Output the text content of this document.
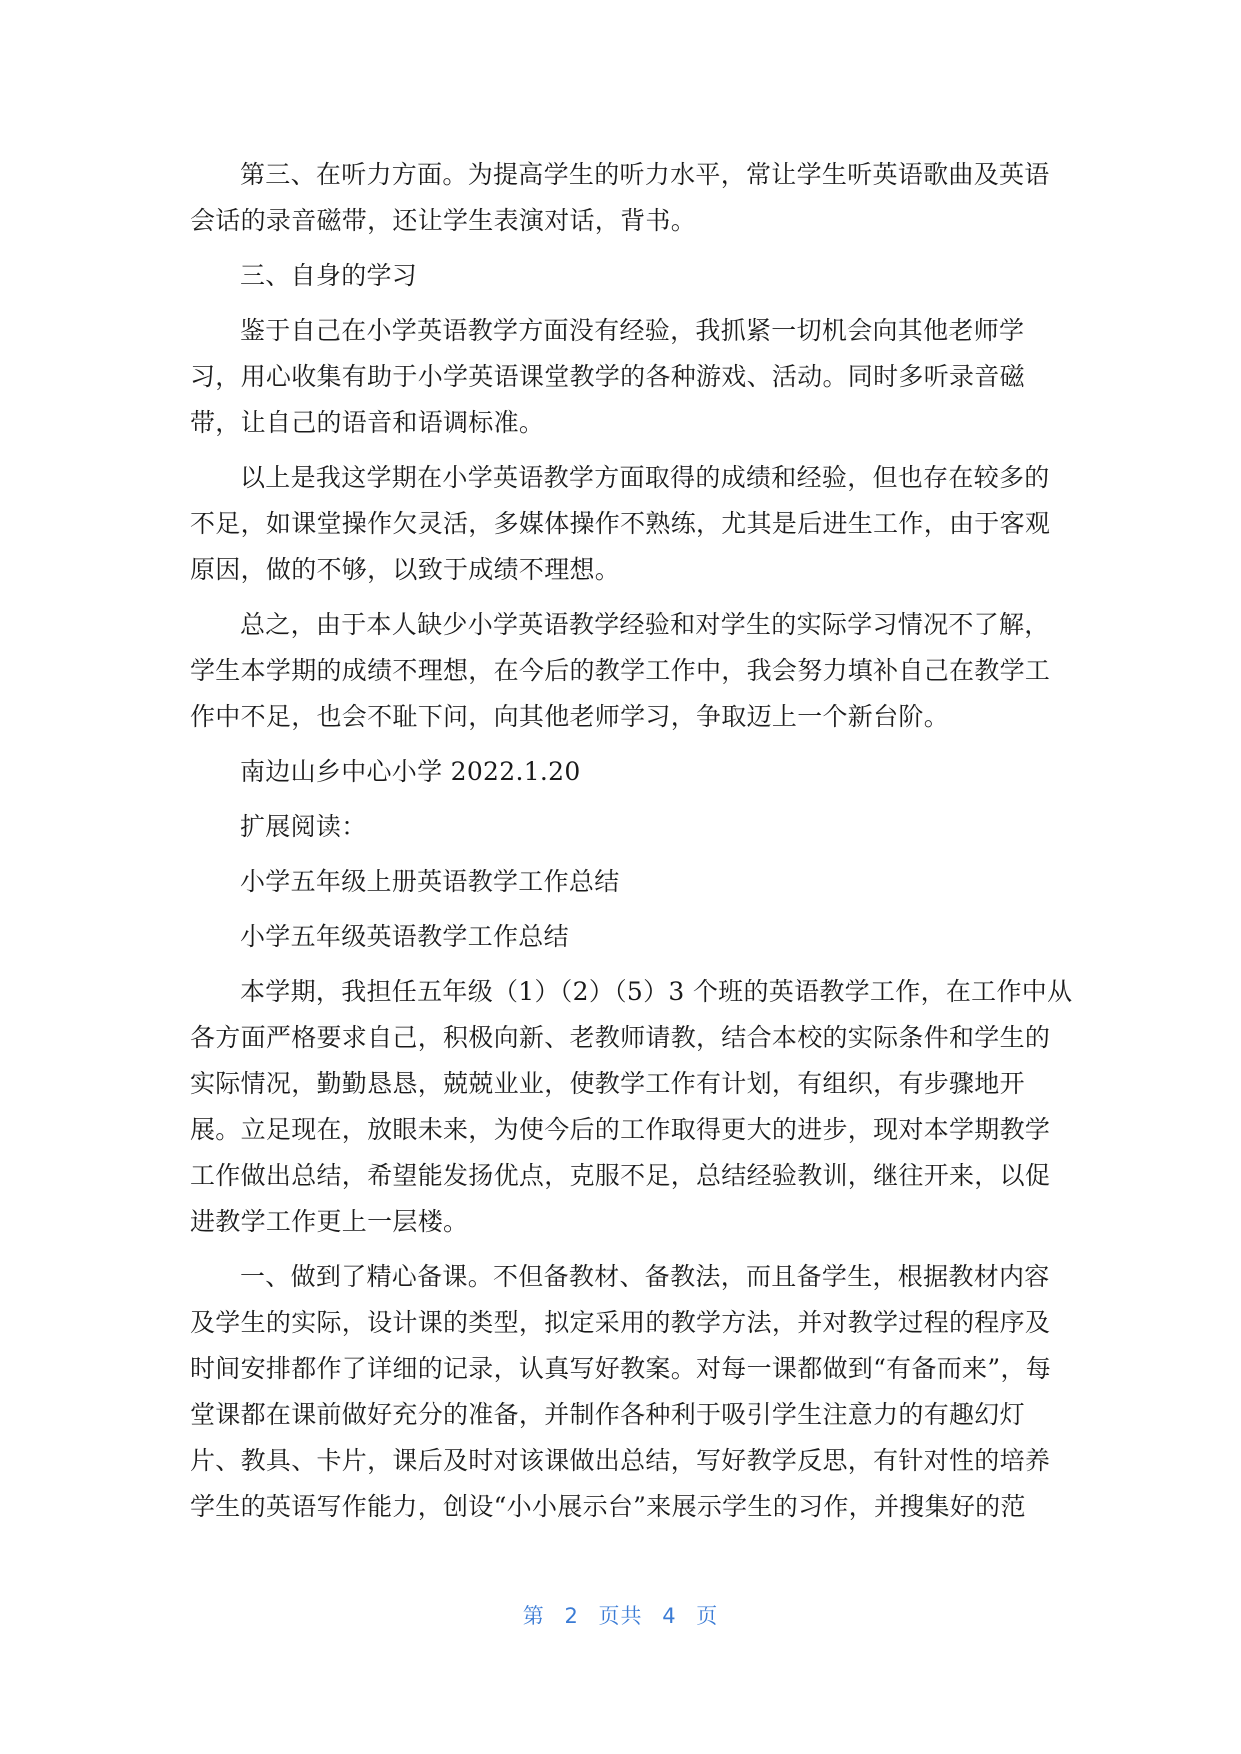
第三、在听力方面。为提高学生的听力水平，常让学生听英语歌曲及英语
会话的录音磁带，还让学生表演对话，背书。
三、自身的学习
鉴于自己在小学英语教学方面没有经验，我抓紧一切机会向其他老师学
习，用心收集有助于小学英语课堂教学的各种游戏、活动。同时多听录音磁
带，让自己的语音和语调标准。
以上是我这学期在小学英语教学方面取得的成绩和经验，但也存在较多的
不足，如课堂操作欠灵活，多媒体操作不熟练，尤其是后进生工作，由于客观
原因，做的不够，以致于成绩不理想。
总之，由于本人缺少小学英语教学经验和对学生的实际学习情况不了解，
学生本学期的成绩不理想，在今后的教学工作中，我会努力填补自己在教学工
作中不足，也会不耻下问，向其他老师学习，争取迈上一个新台阶。
南边山乡中心小学 2022.1.20
扩展阅读：
小学五年级上册英语教学工作总结
小学五年级英语教学工作总结
本学期，我担任五年级（1）（2）（5）3 个班的英语教学工作，在工作中从
各方面严格要求自己，积极向新、老教师请教，结合本校的实际条件和学生的
实际情况，勤勤恳恳，兢兢业业，使教学工作有计划，有组织，有步骤地开
展。立足现在，放眼未来，为使今后的工作取得更大的进步，现对本学期教学
工作做出总结，希望能发扬优点，克服不足，总结经验教训，继往开来，以促
进教学工作更上一层楼。
一、做到了精心备课。不但备教材、备教法，而且备学生，根据教材内容
及学生的实际，设计课的类型，拟定采用的教学方法，并对教学过程的程序及
时间安排都作了详细的记录，认真写好教案。对每一课都做到“有备而来”，每
堂课都在课前做好充分的准备，并制作各种利于吸引学生注意力的有趣幻灯
片、教具、卡片，课后及时对该课做出总结，写好教学反思，有针对性的培养
学生的英语写作能力，创设“小小展示台”来展示学生的习作，并搜集好的范
第 2 页共 4 页
